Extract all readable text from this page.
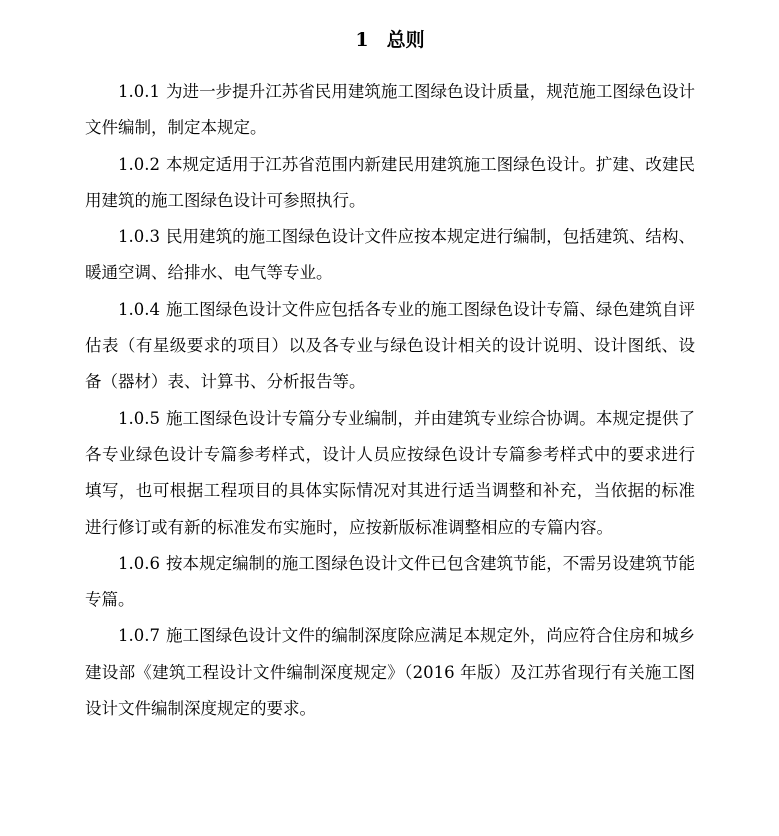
1 总则

1.0.1 为进一步提升江苏省民用建筑施工图绿色设计质量，规范施工图绿色设计文件编制，制定本规定。

1.0.2 本规定适用于江苏省范围内新建民用建筑施工图绿色设计。扩建、改建民用建筑的施工图绿色设计可参照执行。

1.0.3 民用建筑的施工图绿色设计文件应按本规定进行编制，包括建筑、结构、暖通空调、给排水、电气等专业。

1.0.4 施工图绿色设计文件应包括各专业的施工图绿色设计专篇、绿色建筑自评估表（有星级要求的项目）以及各专业与绿色设计相关的设计说明、设计图纸、设备（器材）表、计算书、分析报告等。

1.0.5 施工图绿色设计专篇分专业编制，并由建筑专业综合协调。本规定提供了各专业绿色设计专篇参考样式，设计人员应按绿色设计专篇参考样式中的要求进行填写，也可根据工程项目的具体实际情况对其进行适当调整和补充，当依据的标准进行修订或有新的标准发布实施时，应按新版标准调整相应的专篇内容。

1.0.6 按本规定编制的施工图绿色设计文件已包含建筑节能，不需另设建筑节能专篇。

1.0.7 施工图绿色设计文件的编制深度除应满足本规定外，尚应符合住房和城乡建设部《建筑工程设计文件编制深度规定》（2016 年版）及江苏省现行有关施工图设计文件编制深度规定的要求。
